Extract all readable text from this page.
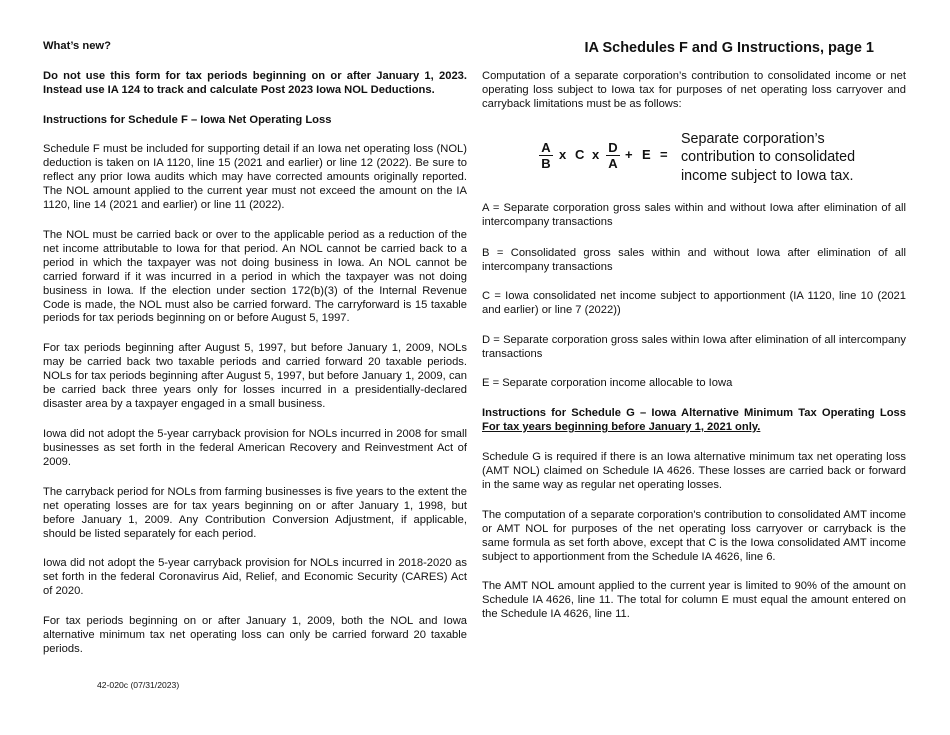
IA Schedules F and G Instructions, page 1

What’s new?

Do not use this form for tax periods beginning on or after January 1, 2023. Instead use IA 124 to track and calculate Post 2023 Iowa NOL Deductions.

Instructions for Schedule F – Iowa Net Operating Loss

Schedule F must be included for supporting detail if an Iowa net operating loss (NOL) deduction is taken on IA 1120, line 15 (2021 and earlier) or line 12 (2022). Be sure to reflect any prior Iowa audits which may have corrected amounts originally reported. The NOL amount applied to the current year must not exceed the amount on the IA 1120, line 14 (2021 and earlier) or line 11 (2022).

The NOL must be carried back or over to the applicable period as a reduction of the net income attributable to Iowa for that period. An NOL cannot be carried back to a period in which the taxpayer was not doing business in Iowa. An NOL cannot be carried forward if it was incurred in a period in which the taxpayer was not doing business in Iowa. If the election under section 172(b)(3) of the Internal Revenue Code is made, the NOL must also be carried forward. The carryforward is 15 taxable periods for tax periods beginning on or before August 5, 1997.

For tax periods beginning after August 5, 1997, but before January 1, 2009, NOLs may be carried back two taxable periods and carried forward 20 taxable periods. NOLs for tax periods beginning after August 5, 1997, but before January 1, 2009, can be carried back three years only for losses incurred in a presidentially-declared disaster area by a taxpayer engaged in a small business.

Iowa did not adopt the 5-year carryback provision for NOLs incurred in 2008 for small businesses as set forth in the federal American Recovery and Reinvestment Act of 2009.

The carryback period for NOLs from farming businesses is five years to the extent the net operating losses are for tax years beginning on or after January 1, 1998, but before January 1, 2009. Any Contribution Conversion Adjustment, if applicable, should be listed separately for each period.

Iowa did not adopt the 5-year carryback provision for NOLs incurred in 2018-2020 as set forth in the federal Coronavirus Aid, Relief, and Economic Security (CARES) Act of 2020.

For tax periods beginning on or after January 1, 2009, both the NOL and Iowa alternative minimum tax net operating loss can only be carried forward 20 taxable periods.

42-020c (07/31/2023)

Computation of a separate corporation’s contribution to consolidated income or net operating loss subject to Iowa tax for purposes of net operating loss carryover and carryback limitations must be as follows:

$\frac{A}{B}$ x C x $\frac{D}{A} + E$ =
Separate corporation’s contribution to consolidated income subject to Iowa tax.

A = Separate corporation gross sales within and without Iowa after elimination of all intercompany transactions

B = Consolidated gross sales within and without Iowa after elimination of all intercompany transactions

C = Iowa consolidated net income subject to apportionment (IA 1120, line 10 (2021 and earlier) or line 7 (2022))

D = Separate corporation gross sales within Iowa after elimination of all intercompany transactions

E = Separate corporation income allocable to Iowa

Instructions for Schedule G – Iowa Alternative Minimum Tax Operating Loss For tax years beginning before January 1, 2021 only.

Schedule G is required if there is an Iowa alternative minimum tax net operating loss (AMT NOL) claimed on Schedule IA 4626. These losses are carried back or forward in the same way as regular net operating losses.

The computation of a separate corporation's contribution to consolidated AMT income or AMT NOL for purposes of the net operating loss carryover or carryback is the same formula as set forth above, except that C is the Iowa consolidated AMT income subject to apportionment from the Schedule IA 4626, line 6.

The AMT NOL amount applied to the current year is limited to 90% of the amount on Schedule IA 4626, line 11. The total for column E must equal the amount entered on the Schedule IA 4626, line 11.
